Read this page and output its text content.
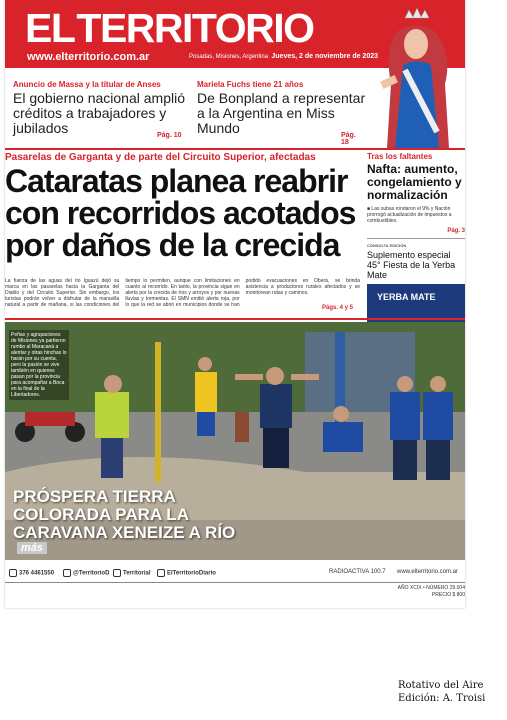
ELTERRITORIO
www.elterritorio.com.ar	Posadas, Misiones, Argentina Jueves, 2 de noviembre de 2023
Anuncio de Massa y la titular de Anses
El gobierno nacional amplió créditos a trabajadores y jubilados	Pág. 10
Mariela Fuchs tiene 21 años
De Bonpland a representar a la Argentina en Miss Mundo	Pág. 18
Pasarelas de Garganta y de parte del Circuito Superior, afectadas
Cataratas planea reabrir con recorridos acotados por daños de la crecida
La fuerza de las aguas del río Iguazú dejó su marca en las pasarelas hacia la Garganta del Diablo y del Circuito Superior. Sin embargo, los turistas podrán volver a disfrutar de la maravilla natural a partir de mañana, si las condiciones del tiempo lo permiten, aunque con limitaciones en cuanto al recorrido. En tanto, la provincia sigue en alerta por la crecida de ríos y arroyos y por nuevas lluvias y tormentas. El SMN emitió alerta roja, por lo que la red se abrió en municipios donde se han podido evacuaciones en Oberá, se brinda asistencia a productores rurales afectados y se monitorean rutas y caminos.
Págs. 4 y 5
Tras los faltantes
Nafta: aumento, congelamiento y normalización
■ Las subas rondaron el 9% y Nación prorrogó actualización de impuestos a combustibles.
Pág. 3
CONSULTA EDICIÓN
Suplemento especial 45° Fiesta de la Yerba Mate
YERBA MATE
Peñas y agrupaciones de Misiones ya partieron rumbo al Maracaná a alentar y otras hinchas lo harán por su cuenta, pero la pasión se vive también en quienes pasan por la provincia para acompañar a Boca en la final de la Libertadores.
PRÓSPERA TIERRA
COLORADA PARA LA
CARAVANA XENEIZE A RÍO
más
376 4461550	@TerritorioD	Territorial	ElTerritorioDiario	RADIOACTIVA 100.7 www.elterritorio.com.ar
AÑO XCIX • NÚMERO 29.004
PRECIO $ 800
Rotativo del Aire
Edición: A. Troisi
